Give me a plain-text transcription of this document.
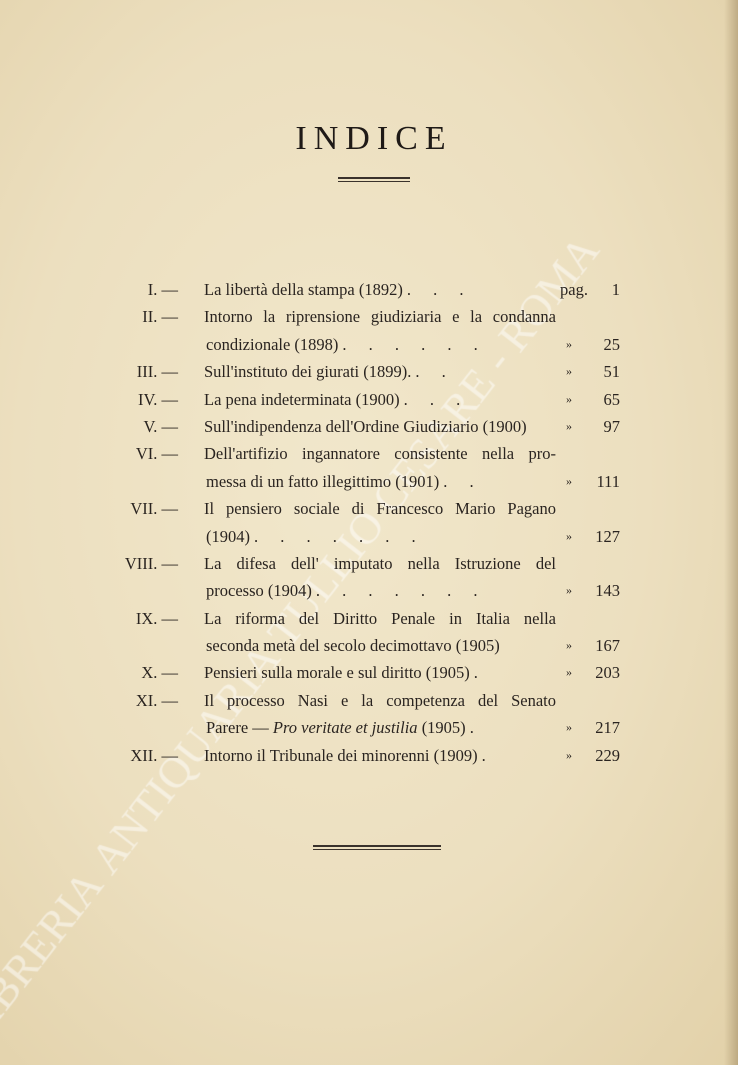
INDICE
I. — La libertà della stampa (1892) . . .	pag. 1
II. — Intorno la riprensione giudiziaria e la condanna
condizionale (1898) . . . . . .	» 25
III. — Sull'instituto dei giurati (1899). . .	» 51
IV. — La pena indeterminata (1900) . . .	» 65
V. — Sull'indipendenza dell'Ordine Giudiziario (1900)	» 97
VI. — Dell'artifizio ingannatore consistente nella pro-
messa di un fatto illegittimo (1901) . .	» 111
VII. — Il pensiero sociale di Francesco Mario Pagano
(1904) . . . . . . .	» 127
VIII. — La difesa dell' imputato nella Istruzione del
processo (1904) . . . . . . .	» 143
IX. — La riforma del Diritto Penale in Italia nella
seconda metà del secolo decimottavo (1905)	» 167
X. — Pensieri sulla morale e sul diritto (1905) .	» 203
XI. — Il processo Nasi e la competenza del Senato
Parere — Pro veritate et justilia (1905) .	» 217
XII. — Intorno il Tribunale dei minorenni (1909) .	» 229
